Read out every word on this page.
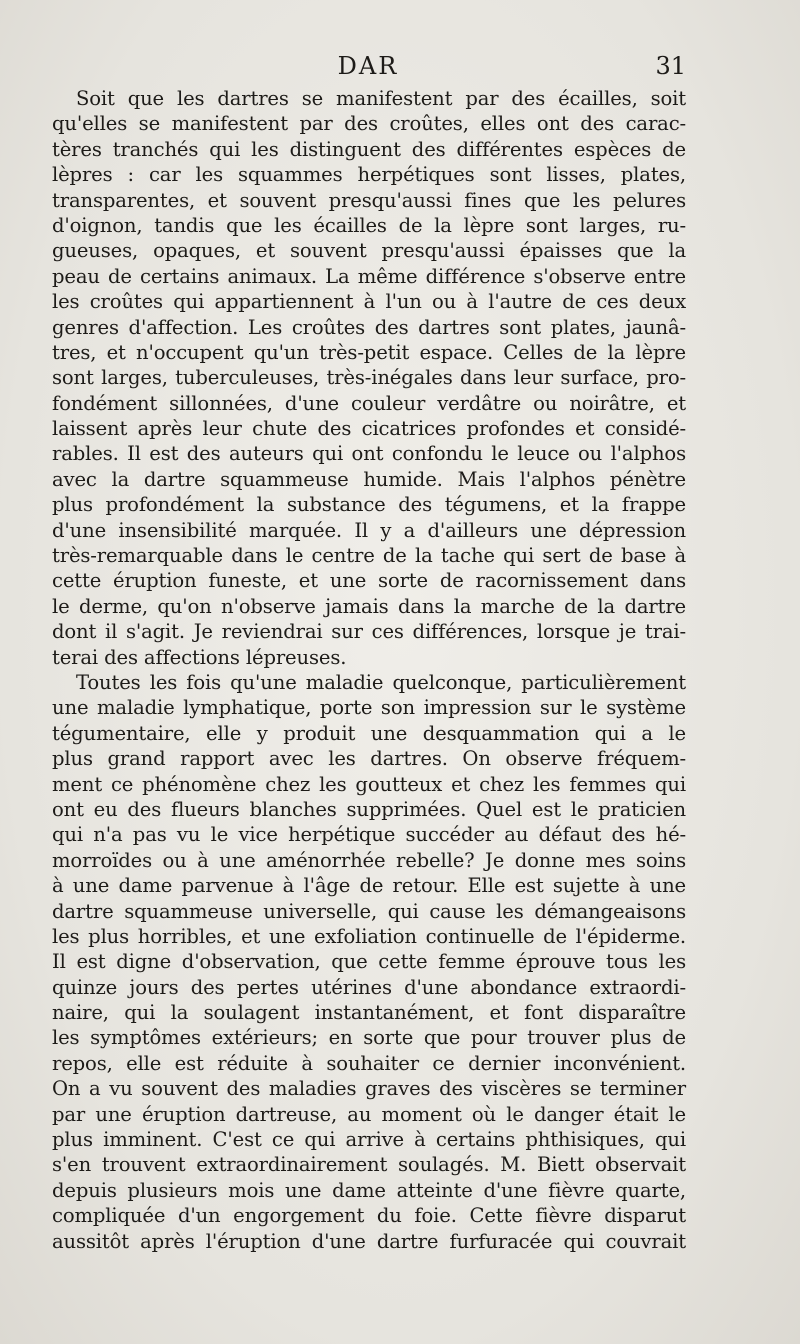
DAR	31
Soit que les dartres se manifestent par des écailles, soit
qu'elles se manifestent par des croûtes, elles ont des carac-
tères tranchés qui les distinguent des différentes espèces de
lèpres : car les squammes herpétiques sont lisses, plates,
transparentes, et souvent presqu'aussi fines que les pelures
d'oignon, tandis que les écailles de la lèpre sont larges, ru-
gueuses, opaques, et souvent presqu'aussi épaisses que la
peau de certains animaux. La même différence s'observe entre
les croûtes qui appartiennent à l'un ou à l'autre de ces deux
genres d'affection. Les croûtes des dartres sont plates, jaunâ-
tres, et n'occupent qu'un très-petit espace. Celles de la lèpre
sont larges, tuberculeuses, très-inégales dans leur surface, pro-
fondément sillonnées, d'une couleur verdâtre ou noirâtre, et
laissent après leur chute des cicatrices profondes et considé-
rables. Il est des auteurs qui ont confondu le leuce ou l'alphos
avec la dartre squammeuse humide. Mais l'alphos pénètre
plus profondément la substance des tégumens, et la frappe
d'une insensibilité marquée. Il y a d'ailleurs une dépression
très-remarquable dans le centre de la tache qui sert de base à
cette éruption funeste, et une sorte de racornissement dans
le derme, qu'on n'observe jamais dans la marche de la dartre
dont il s'agit. Je reviendrai sur ces différences, lorsque je trai-
terai des affections lépreuses.
Toutes les fois qu'une maladie quelconque, particulièrement
une maladie lymphatique, porte son impression sur le système
tégumentaire, elle y produit une desquammation qui a le
plus grand rapport avec les dartres. On observe fréquem-
ment ce phénomène chez les goutteux et chez les femmes qui
ont eu des flueurs blanches supprimées. Quel est le praticien
qui n'a pas vu le vice herpétique succéder au défaut des hé-
morroïdes ou à une aménorrhée rebelle? Je donne mes soins
à une dame parvenue à l'âge de retour. Elle est sujette à une
dartre squammeuse universelle, qui cause les démangeaisons
les plus horribles, et une exfoliation continuelle de l'épiderme.
Il est digne d'observation, que cette femme éprouve tous les
quinze jours des pertes utérines d'une abondance extraordi-
naire, qui la soulagent instantanément, et font disparaître
les symptômes extérieurs; en sorte que pour trouver plus de
repos, elle est réduite à souhaiter ce dernier inconvénient.
On a vu souvent des maladies graves des viscères se terminer
par une éruption dartreuse, au moment où le danger était le
plus imminent. C'est ce qui arrive à certains phthisiques, qui
s'en trouvent extraordinairement soulagés. M. Biett observait
depuis plusieurs mois une dame atteinte d'une fièvre quarte,
compliquée d'un engorgement du foie. Cette fièvre disparut
aussitôt après l'éruption d'une dartre furfuracée qui couvrait
